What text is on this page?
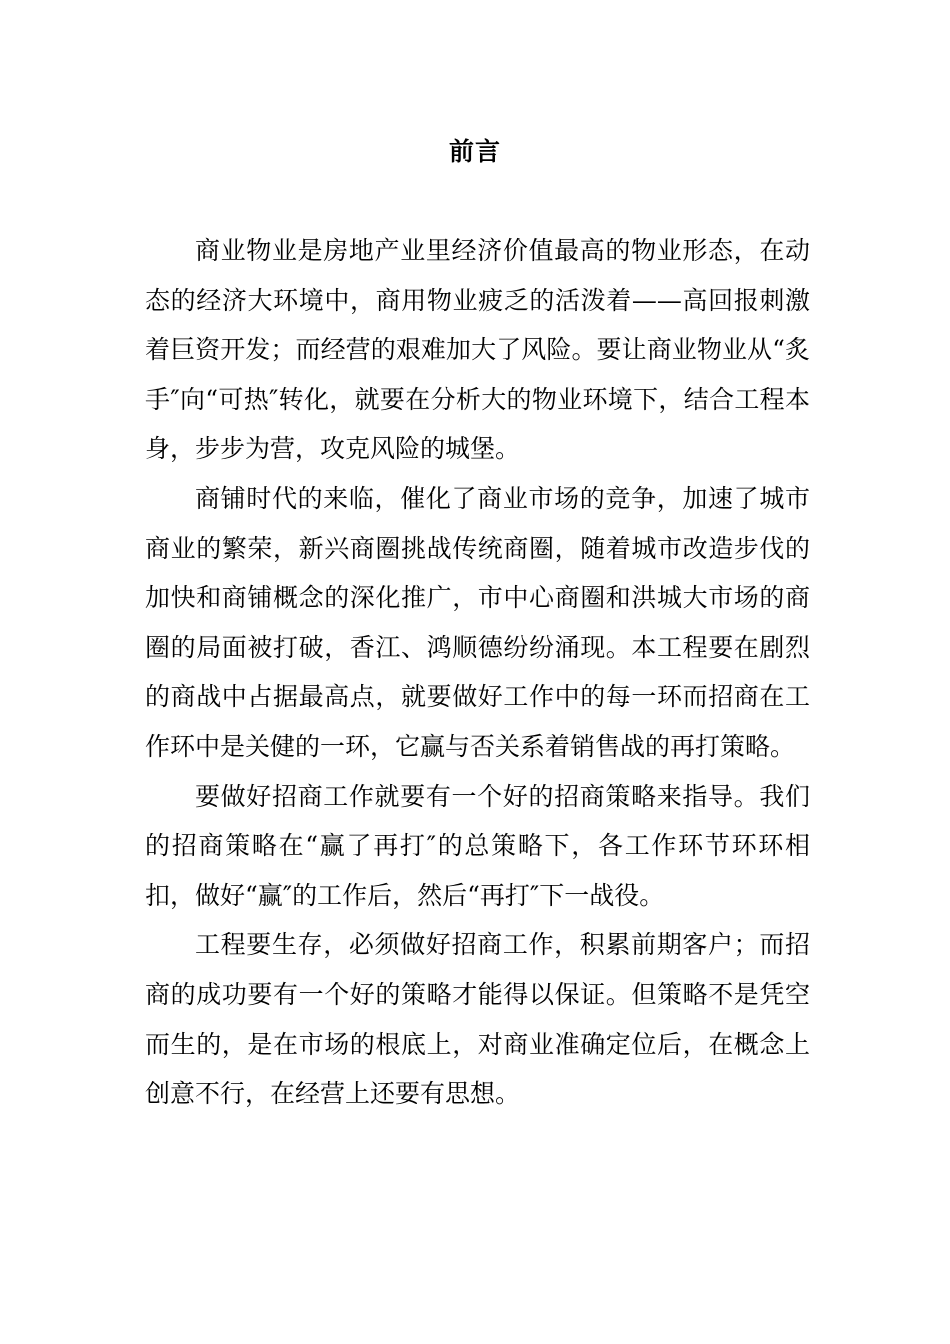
前言

商业物业是房地产业里经济价值最高的物业形态，在动态的经济大环境中，商用物业疲乏的活泼着——高回报刺激着巨资开发；而经营的艰难加大了风险。要让商业物业从“炙手″向“可热″转化，就要在分析大的物业环境下，结合工程本身，步步为营，攻克风险的城堡。

商铺时代的来临，催化了商业市场的竞争，加速了城市商业的繁荣，新兴商圈挑战传统商圈，随着城市改造步伐的加快和商铺概念的深化推广，市中心商圈和洪城大市场的商圈的局面被打破，香江、鸿顺德纷纷涌现。本工程要在剧烈的商战中占据最高点，就要做好工作中的每一环而招商在工作环中是关健的一环，它赢与否关系着销售战的再打策略。

要做好招商工作就要有一个好的招商策略来指导。我们的招商策略在“赢了再打″的总策略下，各工作环节环环相扣，做好“赢″的工作后，然后“再打″下一战役。

工程要生存，必须做好招商工作，积累前期客户；而招商的成功要有一个好的策略才能得以保证。但策略不是凭空而生的，是在市场的根底上，对商业准确定位后，在概念上创意不行，在经营上还要有思想。
